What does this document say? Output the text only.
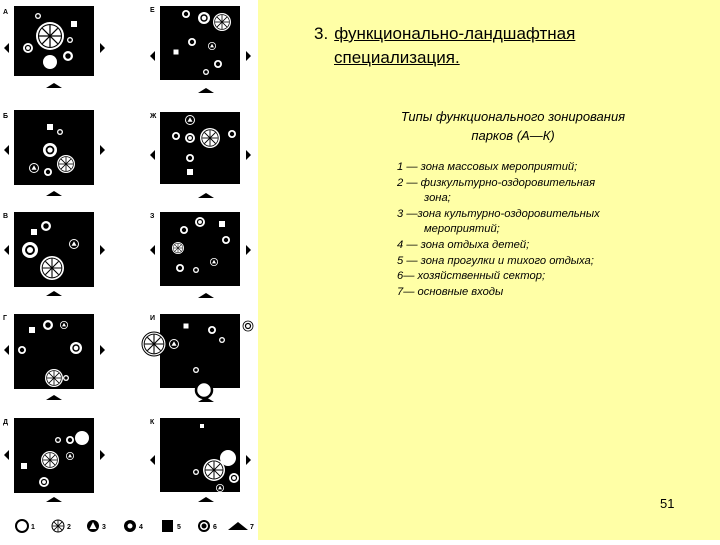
А
Б
В
Г
Д
Е
Ж
З
И
К
1	2	3	4	5	6	7
3. функционально-ландшафтная
специализация.
Типы функционального зонирования
парков (А—К)
1 — зона массовых мероприятий;
2 — физкультурно-оздоровительная
зона;
3 —зона культурно-оздоровительных
мероприятий;
4 — зона отдыха детей;
5 — зона прогулки и тихого отдыха;
6— хозяйственный сектор;
7— основные входы
51
